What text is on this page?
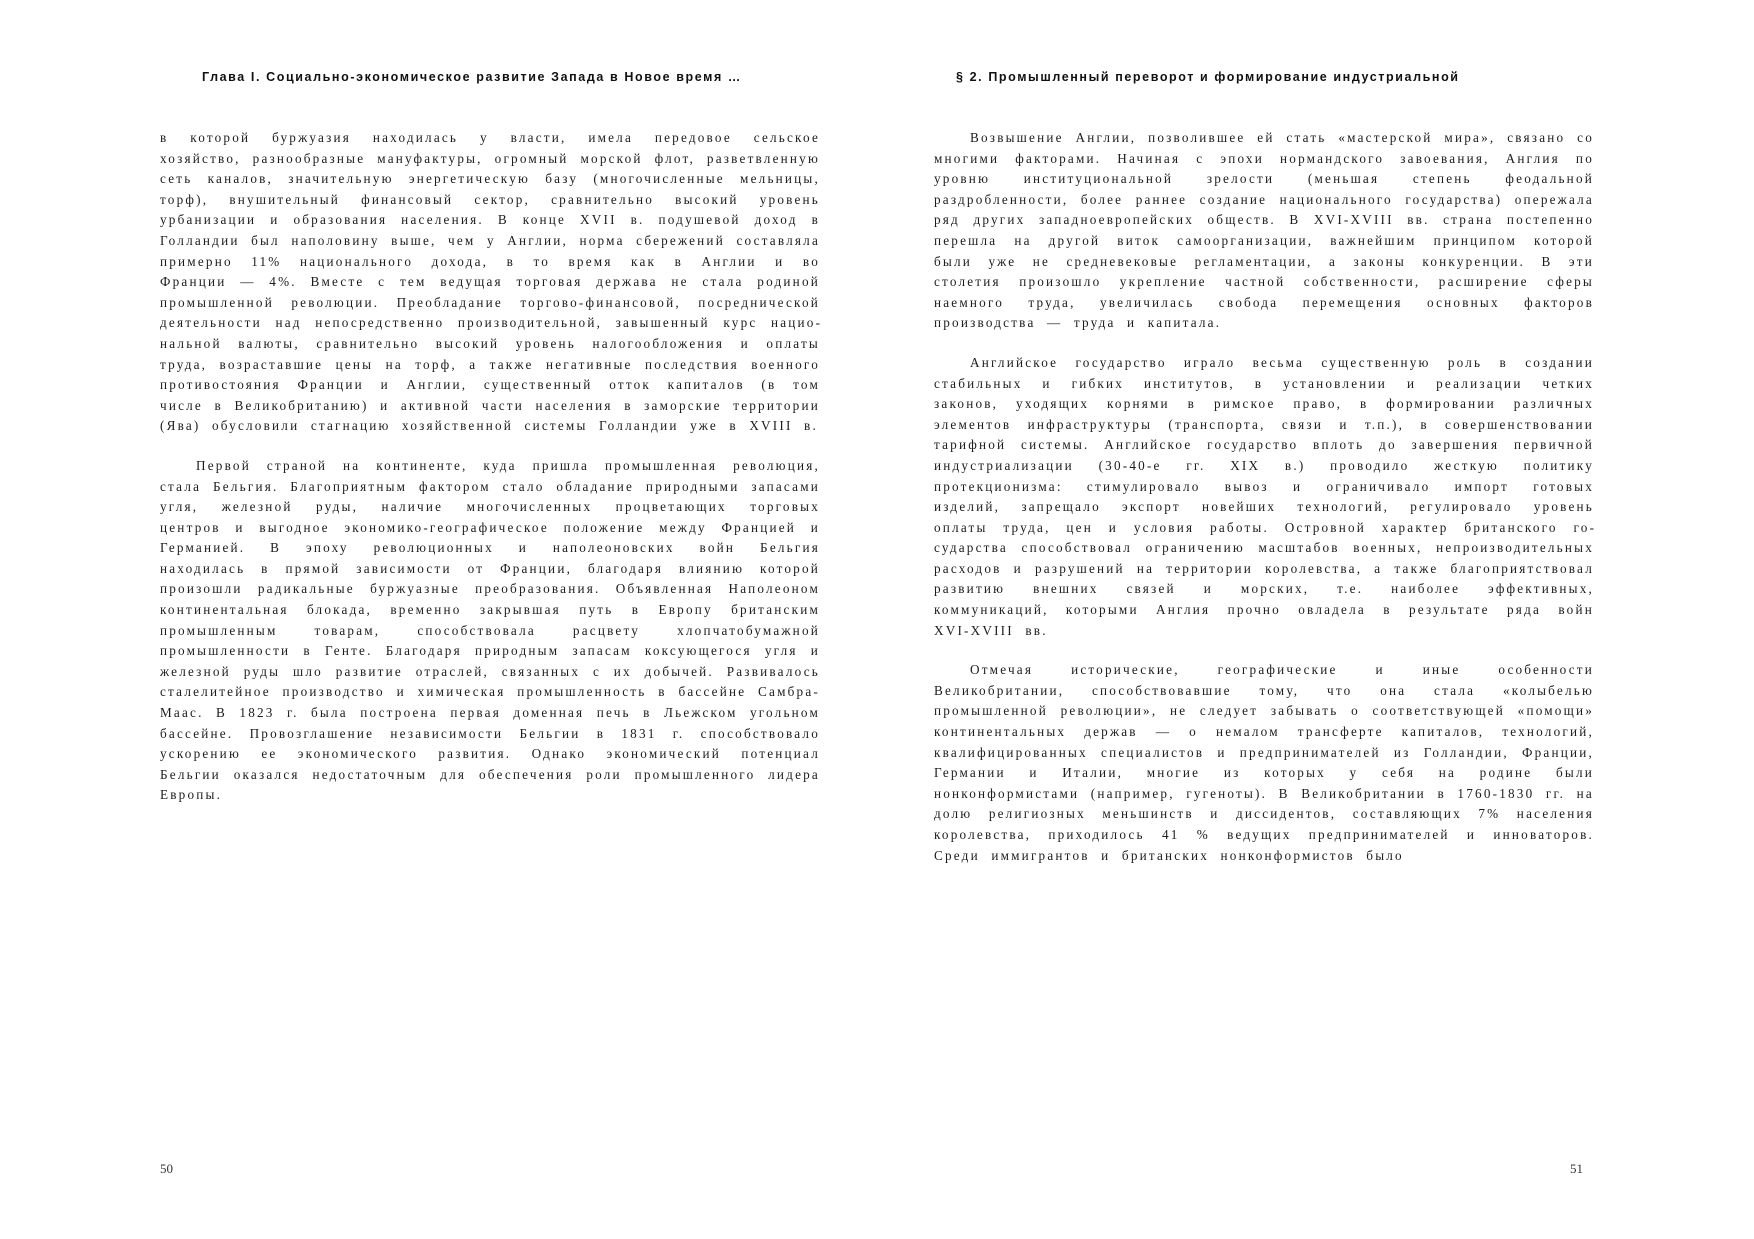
Глава I. Социально-экономическое развитие Запада в Новое время …

в которой буржуазия находилась у власти, имела передовое сельское хозяйство, разнообразные мануфактуры, огромный морской флот, разветвленную сеть каналов, значительную энергетическую базу (многочисленные мельницы, торф), внушительный финансовый сектор, сравнительно высокий уровень урбанизации и образования населения. В конце XVII в. подушевой доход в Голландии был наполовину выше, чем у Англии, норма сбережений составляла примерно 11% национального дохода, в то время как в Англии и во Франции — 4%. Вместе с тем ведущая торговая держава не стала родиной промышленной революции. Преобладание торгово-финансовой, посреднической деятельности над непосредственно производительной, завышенный курс национальной валюты, сравнительно высокий уровень налогообложения и оплаты труда, возраставшие цены на торф, а также негативные последствия военного противостояния Франции и Англии, существенный отток капиталов (в том числе в Великобританию) и активной части населения в заморские территории (Ява) обусловили стагнацию хозяйственной системы Голландии уже в XVIII в.

Первой страной на континенте, куда пришла промышленная революция, стала Бельгия. Благоприятным фактором стало обладание природными запасами угля, железной руды, наличие многочисленных процветающих торговых центров и выгодное экономико-географическое положение между Францией и Германией. В эпоху революционных и наполеоновских войн Бельгия находилась в прямой зависимости от Франции, благодаря влиянию которой произошли радикальные буржуазные преобразования. Объявленная Наполеоном континентальная блокада, временно закрывшая путь в Европу британским промышленным товарам, способствовала расцвету хлопчатобумажной промышленности в Генте. Благодаря природным запасам коксующегося угля и железной руды шло развитие отраслей, связанных с их добычей. Развивалось сталелитейное производство и химическая промышленность в бассейне Самбра-Маас. В 1823 г. была построена первая доменная печь в Льежском угольном бассейне. Провозглашение независимости Бельгии в 1831 г. способствовало ускорению ее экономического развития. Однако экономический потенциал Бельгии оказался недостаточным для обеспечения роли промышленного лидера Европы.

50
§ 2. Промышленный переворот и формирование индустриальной

Возвышение Англии, позволившее ей стать «мастерской мира», связано со многими факторами. Начиная с эпохи нормандского завоевания, Англия по уровню институциональной зрелости (меньшая степень феодальной раздробленности, более раннее создание национального государства) опережала ряд других западноевропейских обществ. В XVI-XVIII вв. страна постепенно перешла на другой виток самоорганизации, важнейшим принципом которой были уже не средневековые регламентации, а законы конкуренции. В эти столетия произошло укрепление частной собственности, расширение сферы наемного труда, увеличилась свобода перемещения основных факторов производства — труда и капитала.

Английское государство играло весьма существенную роль в создании стабильных и гибких институтов, в установлении и реализации четких законов, уходящих корнями в римское право, в формировании различных элементов инфраструктуры (транспорта, связи и т.п.), в совершенствовании тарифной системы. Английское государство вплоть до завершения первичной индустриализации (30-40-е гг. XIX в.) проводило жесткую политику протекционизма: стимулировало вывоз и ограничивало импорт готовых изделий, запрещало экспорт новейших технологий, регулировало уровень оплаты труда, цен и условия работы. Островной характер британского государства способствовал ограничению масштабов военных, непроизводительных расходов и разрушений на территории королевства, а также благоприятствовал развитию внешних связей и морских, т.е. наиболее эффективных, коммуникаций, которыми Англия прочно овладела в результате ряда войн XVI-XVIII вв.

Отмечая исторические, географические и иные особенности Великобритании, способствовавшие тому, что она стала «колыбелью промышленной революции», не следует забывать о соответствующей «помощи» континентальных держав — о немалом трансферте капиталов, технологий, квалифицированных специалистов и предпринимателей из Голландии, Франции, Германии и Италии, многие из которых у себя на родине были нонконформистами (например, гугеноты). В Великобритании в 1760-1830 гг. на долю религиозных меньшинств и диссидентов, составляющих 7% населения королевства, приходилось 41 % ведущих предпринимателей и инноваторов. Среди иммигрантов и британских нонконформистов было

51
